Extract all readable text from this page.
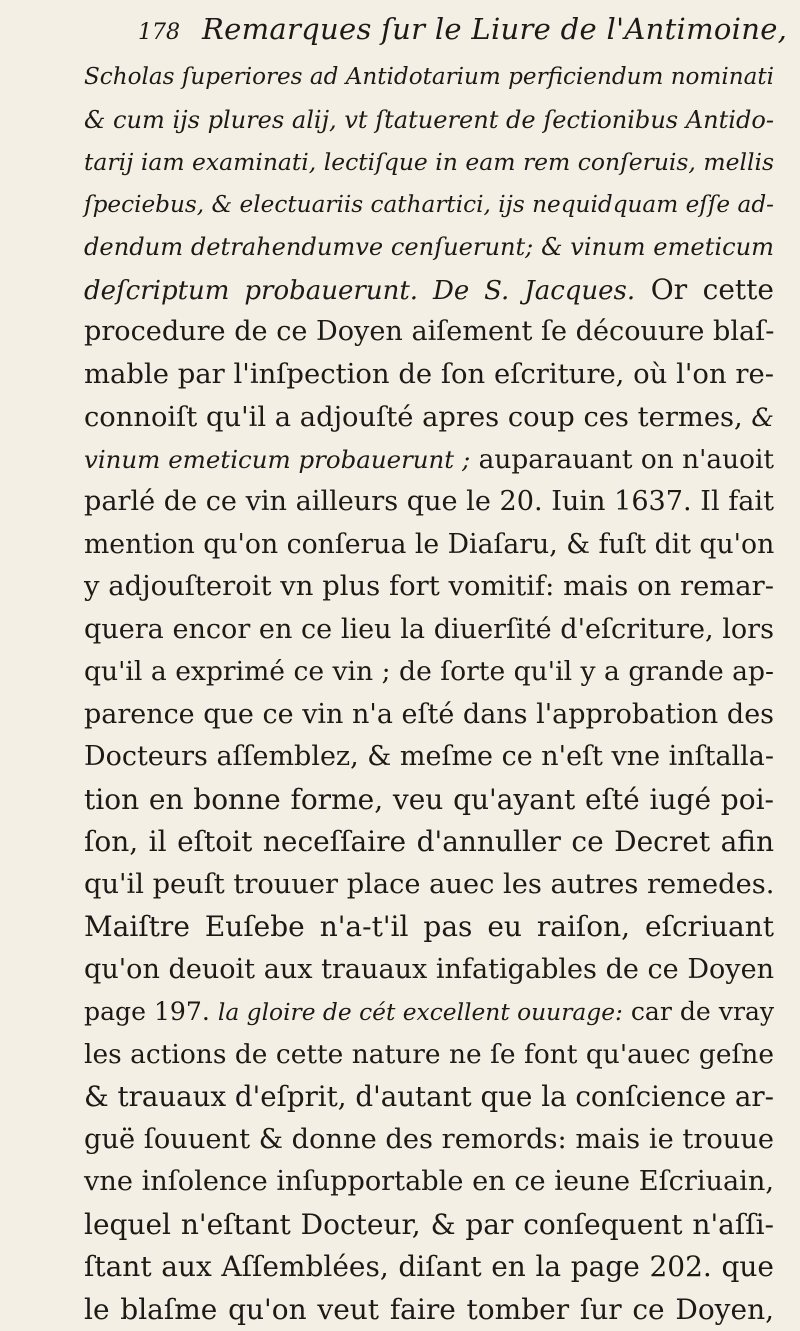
178 Remarques ſur le Liure de l'Antimoine,
Scholas ſuperiores ad Antidotarium perficiendum nominati
& cum ijs plures alij, vt ſtatuerent de ſectionibus Antido-
tarij iam examinati, lectiſque in eam rem conſeruis, mellis
ſpeciebus, & electuariis cathartici, ijs nequidquam eſſe ad-
dendum detrahendumve cenſuerunt; & vinum emeticum
deſcriptum probauerunt. De S. Jacques. Or cette
procedure de ce Doyen aiſement ſe découure blaſ-
mable par l'inſpection de ſon eſcriture, où l'on re-
connoiſt qu'il a adjouſté apres coup ces termes, &
vinum emeticum probauerunt ; auparauant on n'auoit
parlé de ce vin ailleurs que le 20. Iuin 1637. Il fait
mention qu'on conſerua le Diaſaru, & fuſt dit qu'on
y adjouſteroit vn plus fort vomitif: mais on remar-
quera encor en ce lieu la diuerſité d'eſcriture, lors
qu'il a exprimé ce vin ; de ſorte qu'il y a grande ap-
parence que ce vin n'a eſté dans l'approbation des
Docteurs aſſemblez, & meſme ce n'eſt vne inſtalla-
tion en bonne forme, veu qu'ayant eſté iugé poi-
ſon, il eſtoit neceſſaire d'annuller ce Decret afin
qu'il peuſt trouuer place auec les autres remedes.
Maiſtre Euſebe n'a-t'il pas eu raiſon, eſcriuant
qu'on deuoit aux trauaux infatigables de ce Doyen
page 197. la gloire de cét excellent ouurage: car de vray
les actions de cette nature ne ſe font qu'auec geſne
& trauaux d'eſprit, d'autant que la conſcience ar-
guë ſouuent & donne des remords: mais ie trouue
vne inſolence inſupportable en ce ieune Eſcriuain,
lequel n'eſtant Docteur, & par conſequent n'aſſi-
ſtant aux Aſſemblées, diſant en la page 202. que
le blaſme qu'on veut faire tomber ſur ce Doyen,
